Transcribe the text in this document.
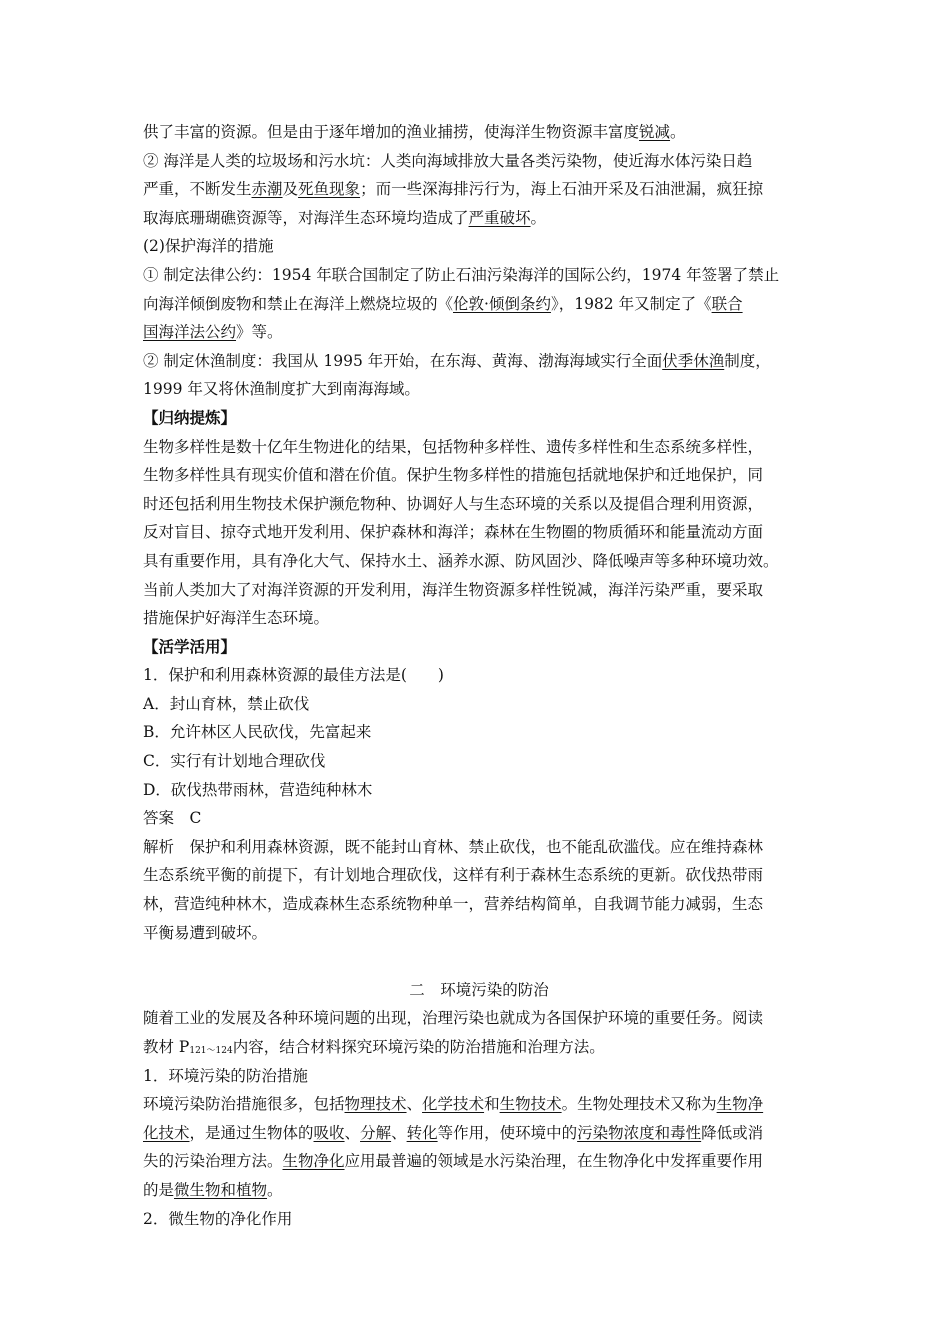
供了丰富的资源。但是由于逐年增加的渔业捕捞，使海洋生物资源丰富度锐减。
② 海洋是人类的垃圾场和污水坑：人类向海域排放大量各类污染物，使近海水体污染日趋
严重，不断发生赤潮及死鱼现象；而一些深海排污行为，海上石油开采及石油泄漏，疯狂掠
取海底珊瑚礁资源等，对海洋生态环境均造成了严重破坏。
(2)保护海洋的措施
① 制定法律公约：1954 年联合国制定了防止石油污染海洋的国际公约，1974 年签署了禁止
向海洋倾倒废物和禁止在海洋上燃烧垃圾的《伦敦·倾倒条约》，1982 年又制定了《联合
国海洋法公约》等。
② 制定休渔制度：我国从 1995 年开始，在东海、黄海、渤海海域实行全面伏季休渔制度，
1999 年又将休渔制度扩大到南海海域。
【归纳提炼】
生物多样性是数十亿年生物进化的结果，包括物种多样性、遗传多样性和生态系统多样性，
生物多样性具有现实价值和潜在价值。保护生物多样性的措施包括就地保护和迁地保护，同
时还包括利用生物技术保护濒危物种、协调好人与生态环境的关系以及提倡合理利用资源，
反对盲目、掠夺式地开发利用、保护森林和海洋；森林在生物圈的物质循环和能量流动方面
具有重要作用，具有净化大气、保持水土、涵养水源、防风固沙、降低噪声等多种环境功效。
当前人类加大了对海洋资源的开发利用，海洋生物资源多样性锐减，海洋污染严重，要采取
措施保护好海洋生态环境。
【活学活用】
1．保护和利用森林资源的最佳方法是(　　)
A．封山育林，禁止砍伐
B．允许林区人民砍伐，先富起来
C．实行有计划地合理砍伐
D．砍伐热带雨林，营造纯种林木
答案　C
解析　保护和利用森林资源，既不能封山育林、禁止砍伐，也不能乱砍滥伐。应在维持森林
生态系统平衡的前提下，有计划地合理砍伐，这样有利于森林生态系统的更新。砍伐热带雨
林，营造纯种林木，造成森林生态系统物种单一，营养结构简单，自我调节能力减弱，生态
平衡易遭到破坏。
二　环境污染的防治
随着工业的发展及各种环境问题的出现，治理污染也就成为各国保护环境的重要任务。阅读
教材 P121～124内容，结合材料探究环境污染的防治措施和治理方法。
1．环境污染的防治措施
环境污染防治措施很多，包括物理技术、化学技术和生物技术。生物处理技术又称为生物净
化技术，是通过生物体的吸收、分解、转化等作用，使环境中的污染物浓度和毒性降低或消
失的污染治理方法。生物净化应用最普遍的领域是水污染治理，在生物净化中发挥重要作用
的是微生物和植物。
2．微生物的净化作用
